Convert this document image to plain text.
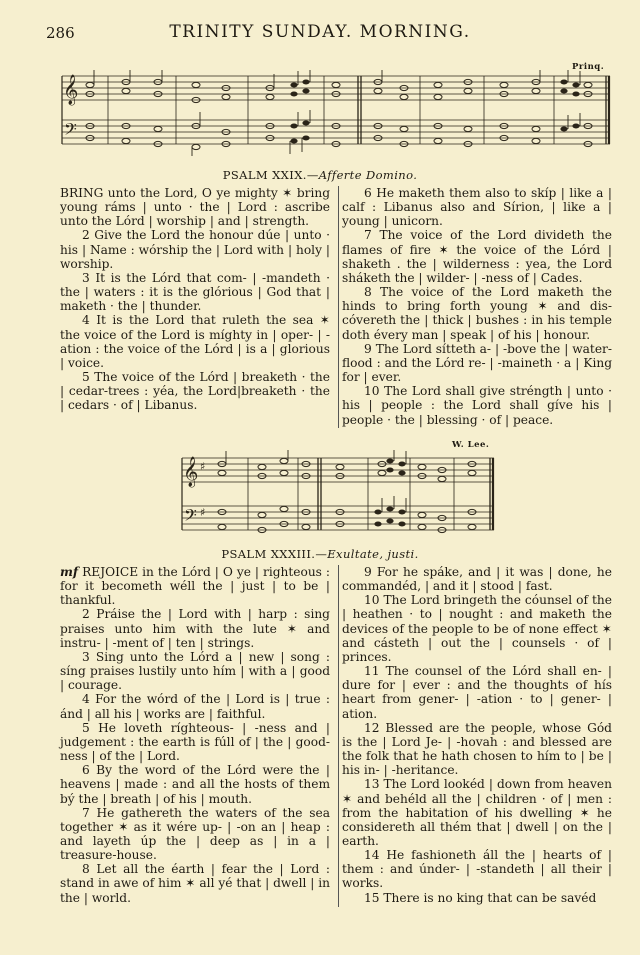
286	TRINITY SUNDAY. MORNING.
Prinq.
𝄞
𝄢
PSALM XXIX.—Afferte Domino.

BRING unto the Lord, O ye mighty ✶ bring young ráms | unto · the | Lord : ascribe unto the Lórd | worship | and | strength.

2 Give the Lord the honour dúe | unto · his | Name : wórship the | Lord with | holy | worship.

3 It is the Lórd that com- | -mandeth · the | waters : it is the glórious | God that | maketh · the | thunder.

4 It is the Lord that ruleth the sea ✶ the voice of the Lord is míghty in | oper- | -ation : the voice of the Lórd | is a | glorious | voice.

5 The voice of the Lórd | breaketh · the | cedar-trees : yéa, the Lord|breaketh · the | cedars · of | Libanus.

6 He maketh them also to skíp | like a | calf : Libanus also and Sírion, | like a | young | unicorn.

7 The voice of the Lord divideth the flames of fire ✶ the voice of the Lórd | shaketh . the | wilderness : yea, the Lord sháketh the | wilder- | -ness of | Cades.

8 The voice of the Lord maketh the hinds to bring forth young ✶ and dis-cóvereth the | thick | bushes : in his temple doth évery man | speak | of his | honour.

9 The Lord sítteth a- | -bove the | water-flood : and the Lórd re- | -maineth · a | King for | ever.

10 The Lord shall give stréngth | unto · his | people : the Lord shall gíve his | people · the | blessing · of | peace.

W. Lee.
𝄞
𝄢
♯
♯
PSALM XXXIII.—Exultate, justi.

mf REJOICE in the Lórd | O ye | righteous : for it becometh wéll the | just | to be | thankful.

2 Práise the | Lord with | harp : sing praises unto him with the lute ✶ and instru- | -ment of | ten | strings.

3 Sing unto the Lórd a | new | song : síng praises lustily unto hím | with a | good | courage.

4 For the wórd of the | Lord is | true : ánd | all his | works are | faithful.

5 He loveth ríghteous- | -ness and | judgement : the earth is fúll of | the | good-ness | of the | Lord.

6 By the word of the Lórd were the | heavens | made : and all the hosts of them bý the | breath | of his | mouth.

7 He gathereth the waters of the sea together ✶ as it wére up- | -on an | heap : and layeth úp the | deep as | in a | treasure-house.

8 Let all the éarth | fear the | Lord : stand in awe of him ✶ all yé that | dwell | in the | world.

9 For he spáke, and | it was | done, he commandéd, | and it | stood | fast.

10 The Lord bringeth the cóunsel of the | heathen · to | nought : and maketh the devices of the people to be of none effect ✶ and cásteth | out the | counsels · of | princes.

11 The counsel of the Lórd shall en- | dure for | ever : and the thoughts of hís heart from gener- | -ation · to | gener- | ation.

12 Blessed are the people, whose Gód is the | Lord Je- | -hovah : and blessed are the folk that he hath chosen to hím to | be | his in- | -heritance.

13 The Lord lookéd | down from heaven ✶ and behéld all the | children · of | men : from the habitation of his dwelling ✶ he considereth all thém that | dwell | on the | earth.

14 He fashioneth áll the | hearts of | them : and únder- | -standeth | all their | works.

15 There is no king that can be savéd
